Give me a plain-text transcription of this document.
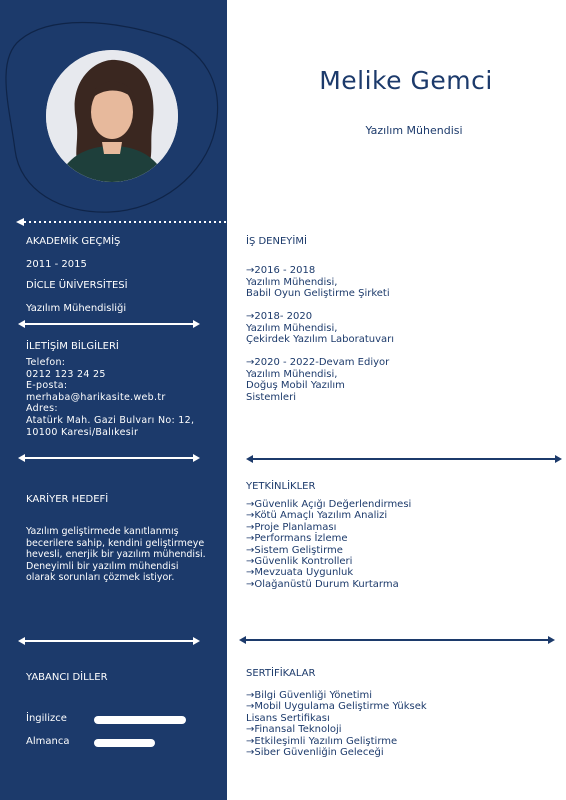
AKADEMİK GEÇMİŞ
2011 - 2015
DİCLE ÜNİVERSİTESİ
Yazılım Mühendisliği
İLETİŞİM BİLGİLERİ
Telefon:
0212 123 24 25
E-posta:
merhaba@harikasite.web.tr
Adres:
Atatürk Mah. Gazi Bulvarı No: 12,
10100 Karesi/Balıkesir
KARİYER HEDEFİ
Yazılım geliştirmede kanıtlanmış becerilere sahip, kendini geliştirmeye hevesli, enerjik bir yazılım mühendisi. Deneyimli bir yazılım mühendisi olarak sorunları çözmek istiyor.
YABANCI DİLLER
İngilizce
Almanca
Melike Gemci
Yazılım Mühendisi
İŞ DENEYİMİ
→2016 - 2018
Yazılım Mühendisi,
Babil Oyun Geliştirme Şirketi
→2018- 2020
Yazılım Mühendisi,
Çekirdek Yazılım Laboratuvarı
→2020 - 2022-Devam Ediyor
Yazılım Mühendisi,
Doğuş Mobil Yazılım
Sistemleri
YETKİNLİKLER
→Güvenlik Açığı Değerlendirmesi
→Kötü Amaçlı Yazılım Analizi
→Proje Planlaması
→Performans İzleme
→Sistem Geliştirme
→Güvenlik Kontrolleri
→Mevzuata Uygunluk
→Olağanüstü Durum Kurtarma
SERTİFİKALAR
→Bilgi Güvenliği Yönetimi
→Mobil Uygulama Geliştirme Yüksek
Lisans Sertifikası
→Finansal Teknoloji
→Etkileşimli Yazılım Geliştirme
→Siber Güvenliğin Geleceği
